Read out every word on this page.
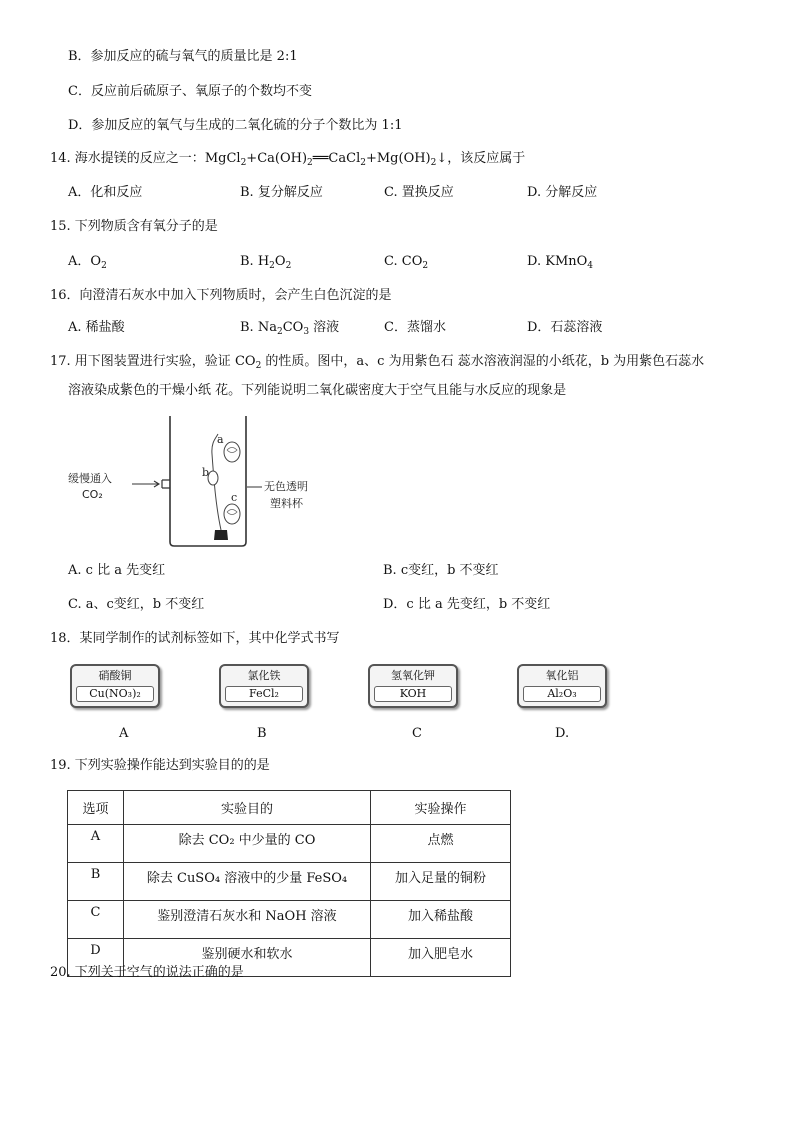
B．参加反应的硫与氧气的质量比是 2:1
C．反应前后硫原子、氧原子的个数均不变
D．参加反应的氧气与生成的二氧化硫的分子个数比为 1:1
14. 海水提镁的反应之一：$MgCl_2+Ca(OH)_2══CaCl_2+Mg(OH)_2↓$，该反应属于
A．化和反应	B. 复分解反应	C. 置换反应	D. 分解反应
15. 下列物质含有氧分子的是
A．$O_2$	B. $H_2O_2$	C. $CO_2$	D. KMnO$_4$
16．向澄清石灰水中加入下列物质时，会产生白色沉淀的是
A. 稀盐酸	B. $Na_2CO_3$ 溶液	C．蒸馏水	D．石蕊溶液
17. 用下图装置进行实验，验证 $CO_2$ 的性质。图中，a、c 为用紫色石 蕊水溶液润湿的小纸花，b 为用紫色石蕊水
溶液染成紫色的干燥小纸 花。下列能说明二氧化碳密度大于空气且能与水反应的现象是
缓慢通入
CO₂
a
b
c
无色透明
塑料杯
A. c 比 a 先变红	B. c变红，b 不变红
C. a、c变红，b 不变红	D．c 比 a 先变红，b 不变红
18．某同学制作的试剂标签如下，其中化学式书写
硝酸铜
Cu(NO₃)₂
氯化铁
FeCl₂
氢氧化钾
KOH
氧化铝
Al₂O₃
A	B	C	D.
19. 下列实验操作能达到实验目的的是
选项	实验目的	实验操作
A	除去 CO₂ 中少量的 CO	点燃
B	除去 CuSO₄ 溶液中的少量 FeSO₄	加入足量的铜粉
C	鉴别澄清石灰水和 NaOH 溶液	加入稀盐酸
D	鉴别硬水和软水	加入肥皂水
20. 下列关于空气的说法正确的是
